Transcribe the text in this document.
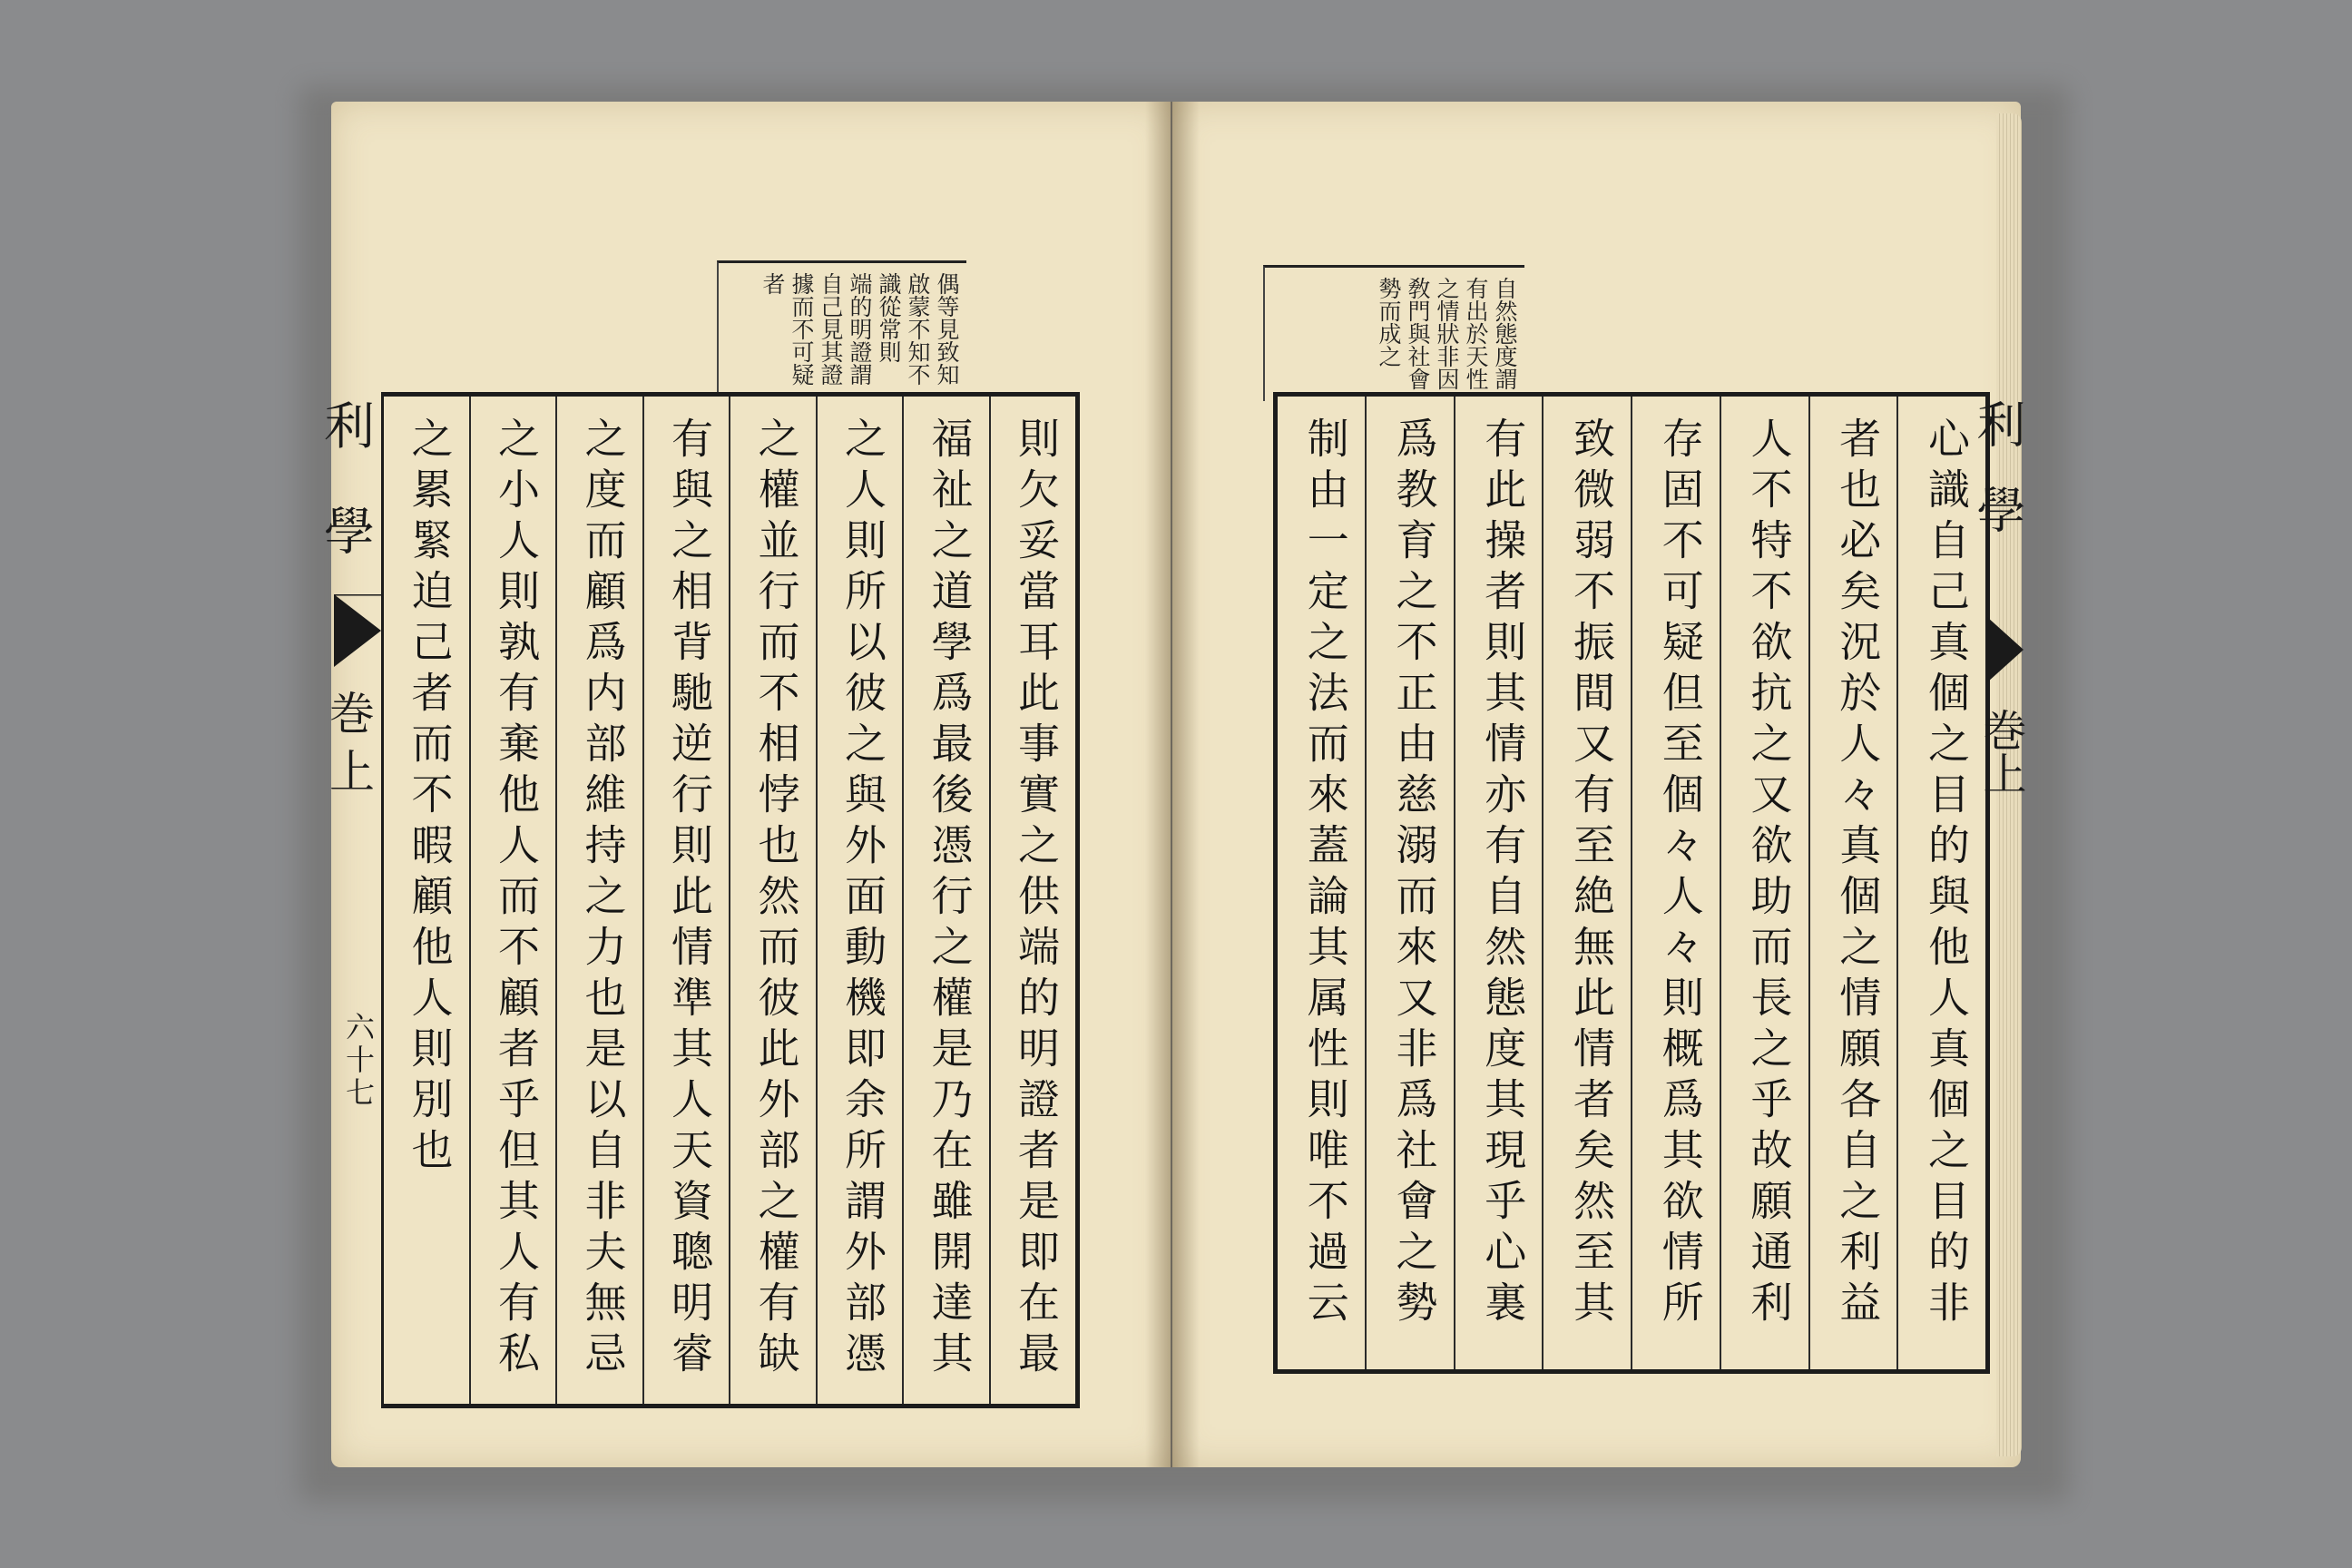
利學
巻上
六十七
偶等見致知
啟蒙不知不
識從常則
端的明證謂
自己見其證
據而不可疑
者
則欠妥當耳此事實之供端的明證者是即在最
福祉之道學爲最後憑行之權是乃在雖開達其
之人則所以彼之與外面動機即余所謂外部憑
之權並行而不相悖也然而彼此外部之權有缺
有與之相背馳逆行則此情準其人天資聰明睿
之度而顧爲内部維持之力也是以自非夫無忌
之小人則孰有棄他人而不顧者乎但其人有私
之累緊迫己者而不暇顧他人則別也
自然態度謂
有出於天性
之情狀非因
敎門與社會
勢而成之
心識自己真個之目的與他人真個之目的非
者也必矣況於人々真個之情願各自之利益
人不特不欲抗之又欲助而長之乎故願通利
存固不可疑但至個々人々則概爲其欲情所
致微弱不振間又有至絶無此情者矣然至其
有此操者則其情亦有自然態度其現乎心裏
爲教育之不正由慈溺而來又非爲社會之勢
制由一定之法而來蓋論其属性則唯不過云
利學
巻上
